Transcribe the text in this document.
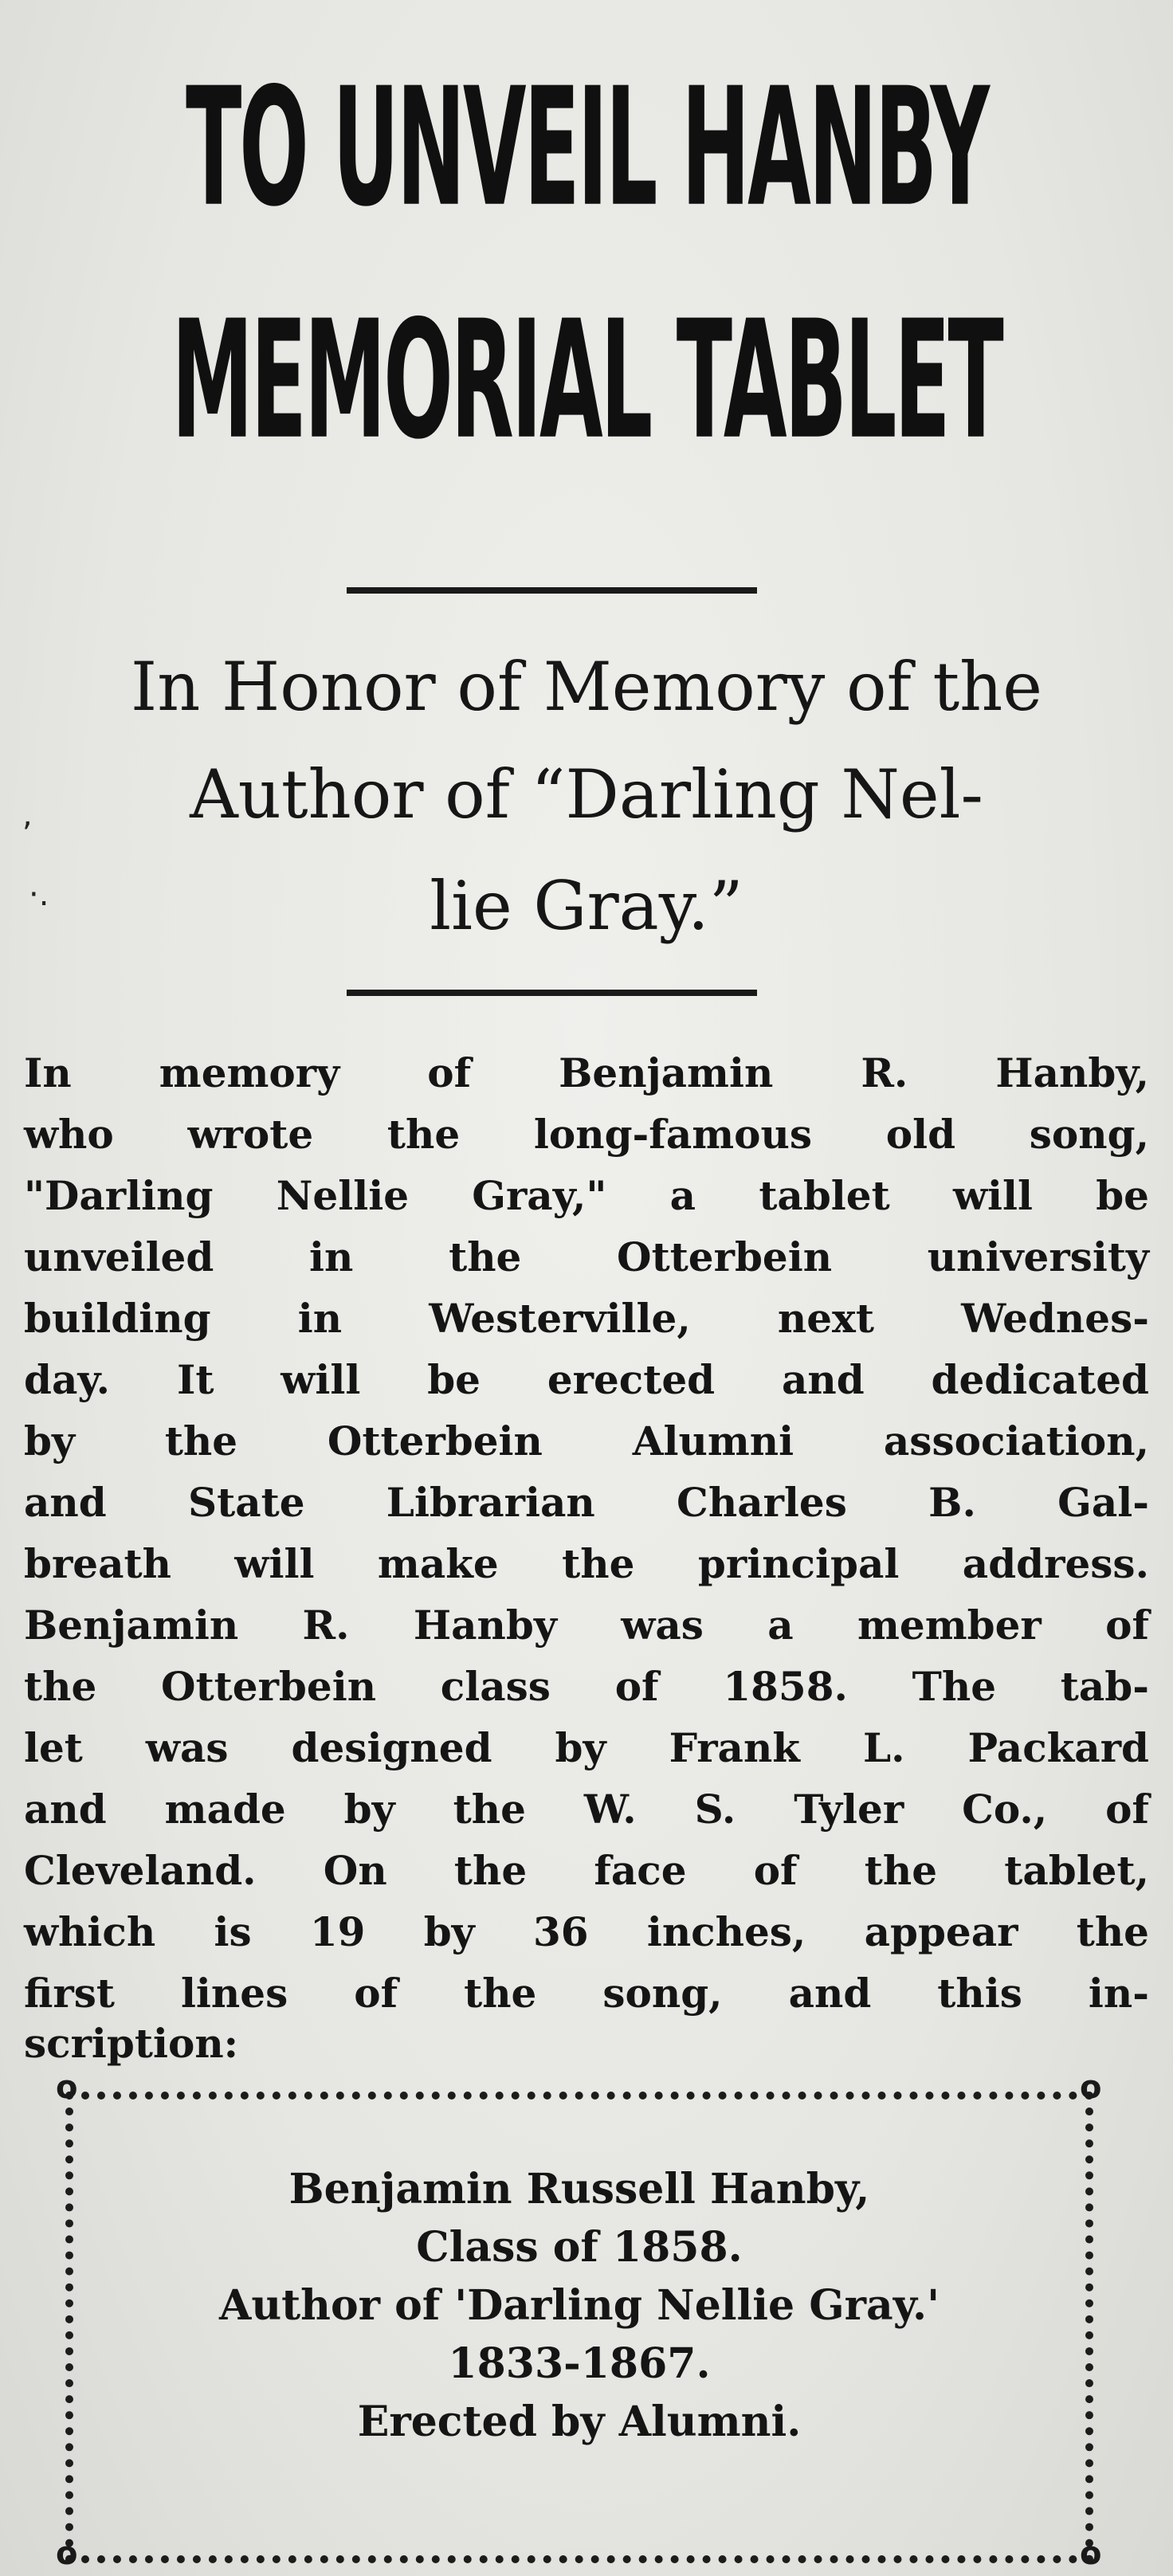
TO UNVEIL HANBY
MEMORIAL TABLET
In Honor of Memory of the
Author of “Darling Nel-
lie Gray.”
,
·.
In memory of Benjamin R. Hanby,
who wrote the long-famous old song,
"Darling Nellie Gray," a tablet will be
unveiled in the Otterbein university
building in Westerville, next Wednes-
day. It will be erected and dedicated
by the Otterbein Alumni association,
and State Librarian Charles B. Gal-
breath will make the principal address.
Benjamin R. Hanby was a member of
the Otterbein class of 1858. The tab-
let was designed by Frank L. Packard
and made by the W. S. Tyler Co., of
Cleveland. On the face of the tablet,
which is 19 by 36 inches, appear the
first lines of the song, and this in-
scription:
o	o
o	o
Benjamin Russell Hanby,
Class of 1858.
Author of 'Darling Nellie Gray.'
1833-1867.
Erected by Alumni.
